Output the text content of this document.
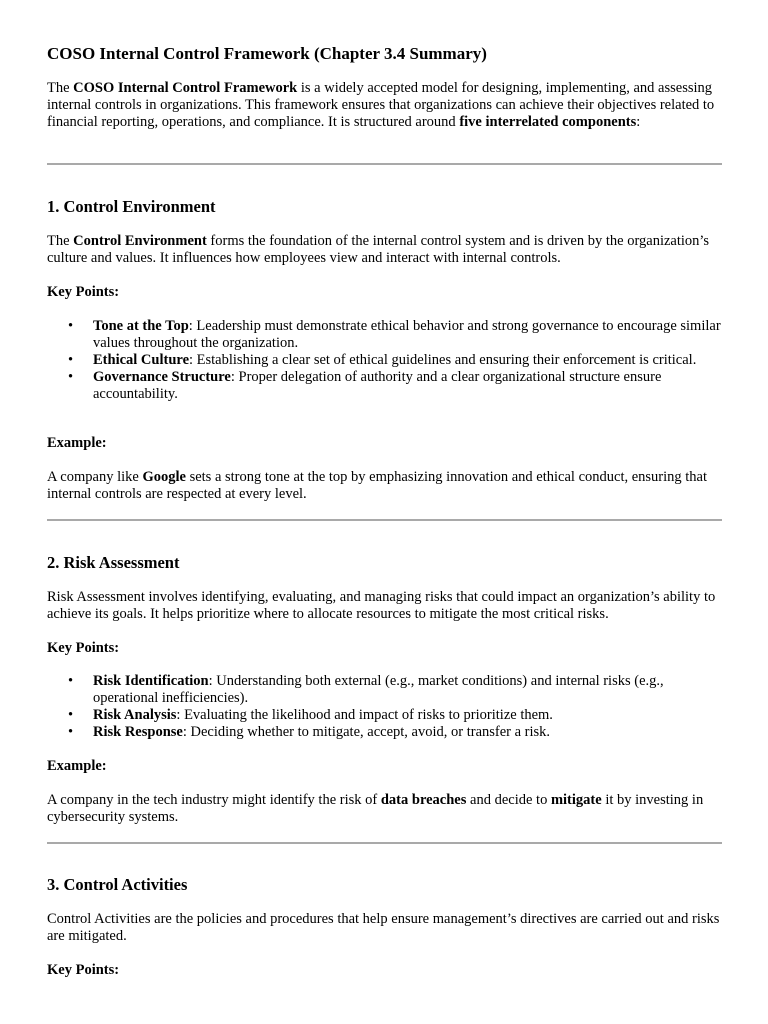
COSO Internal Control Framework (Chapter 3.4 Summary)

The COSO Internal Control Framework is a widely accepted model for designing, implementing, and assessing internal controls in organizations. This framework ensures that organizations can achieve their objectives related to financial reporting, operations, and compliance. It is structured around five interrelated components:

1. Control Environment

The Control Environment forms the foundation of the internal control system and is driven by the organization’s culture and values. It influences how employees view and interact with internal controls.

Key Points:

• Tone at the Top: Leadership must demonstrate ethical behavior and strong governance to encourage similar values throughout the organization.
• Ethical Culture: Establishing a clear set of ethical guidelines and ensuring their enforcement is critical.
• Governance Structure: Proper delegation of authority and a clear organizational structure ensure accountability.

Example:

A company like Google sets a strong tone at the top by emphasizing innovation and ethical conduct, ensuring that internal controls are respected at every level.

2. Risk Assessment

Risk Assessment involves identifying, evaluating, and managing risks that could impact an organization’s ability to achieve its goals. It helps prioritize where to allocate resources to mitigate the most critical risks.

Key Points:

• Risk Identification: Understanding both external (e.g., market conditions) and internal risks (e.g., operational inefficiencies).
• Risk Analysis: Evaluating the likelihood and impact of risks to prioritize them.
• Risk Response: Deciding whether to mitigate, accept, avoid, or transfer a risk.

Example:

A company in the tech industry might identify the risk of data breaches and decide to mitigate it by investing in cybersecurity systems.

3. Control Activities

Control Activities are the policies and procedures that help ensure management’s directives are carried out and risks are mitigated.

Key Points:
